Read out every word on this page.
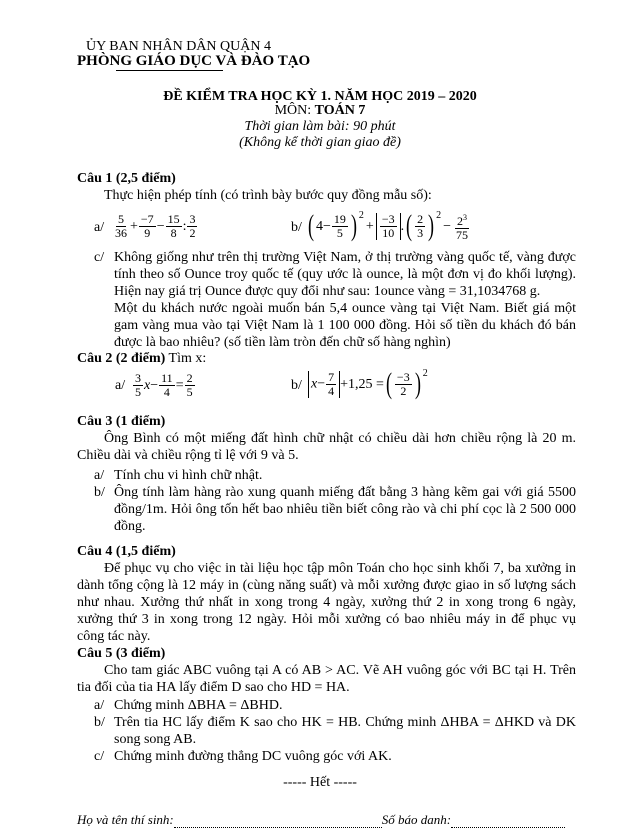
ỦY BAN NHÂN DÂN QUẬN 4
PHÒNG GIÁO DỤC VÀ ĐÀO TẠO
ĐỀ KIỂM TRA HỌC KỲ 1. NĂM HỌC 2019 – 2020
MÔN: TOÁN 7
Thời gian làm bài: 90 phút
(Không kể thời gian giao đề)
Câu 1 (2,5 điểm)
Thực hiện phép tính (có trình bày bước quy đồng mẫu số):
$a/ \frac{5}{36} + \frac{-7}{9} - \frac{15}{8}$ : $\frac{3}{2}$	b/ ( $4 - \frac{19}{5} )^2$
+ $\frac{-3}{10}$ . ( $\frac{2}{3} )^2$
− $\frac{2^3}{75}$
c/ Không giống như trên thị trường Việt Nam, ở thị trường vàng quốc tế, vàng được tính theo số Ounce troy quốc tế (quy ước là ounce, là một đơn vị đo khối lượng). Hiện nay giá trị Ounce được quy đổi như sau: 1ounce vàng = 31,1034768 g.
Một du khách nước ngoài muốn bán 5,4 ounce vàng tại Việt Nam. Biết giá một gam vàng mua vào tại Việt Nam là 1 100 000 đồng. Hỏi số tiền du khách đó bán được là bao nhiêu? (số tiền làm tròn đến chữ số hàng nghìn)
Câu 2 (2 điểm) Tìm x:
$a/ \frac{3}{5}$ $x - \frac{11}{4} = \frac{2}{5}$	b/ $x- \frac{7}{4} +1,25$ = ( $\frac{-3}{2} )^2$
Câu 3 (1 điểm)
Ông Bình có một miếng đất hình chữ nhật có chiều dài hơn chiều rộng là 20 m. Chiều dài và chiều rộng tỉ lệ với 9 và 5.
a/ Tính chu vi hình chữ nhật.
b/ Ông tính làm hàng rào xung quanh miếng đất bằng 3 hàng kẽm gai với giá 5500 đồng/1m. Hỏi ông tốn hết bao nhiêu tiền biết công rào và chi phí cọc là 2 500 000 đồng.
Câu 4 (1,5 điểm)
Để phục vụ cho việc in tài liệu học tập môn Toán cho học sinh khối 7, ba xưởng in dành tổng cộng là 12 máy in (cùng năng suất) và mỗi xưởng được giao in số lượng sách như nhau. Xưởng thứ nhất in xong trong 4 ngày, xưởng thứ 2 in xong trong 6 ngày, xưởng thứ 3 in xong trong 12 ngày. Hỏi mỗi xưởng có bao nhiêu máy in để phục vụ công tác này.
Câu 5 (3 điểm)
Cho tam giác ABC vuông tại A có AB > AC. Vẽ AH vuông góc với BC tại H. Trên tia đối của tia HA lấy điểm D sao cho HD = HA.
a/ Chứng minh ΔBHA = ΔBHD.
b/ Trên tia HC lấy điểm K sao cho HK = HB. Chứng minh ΔHBA = ΔHKD và DK song song AB.
c/ Chứng minh đường thẳng DC vuông góc với AK.
----- Hết -----
Họ và tên thí sinh:	Số báo danh:
